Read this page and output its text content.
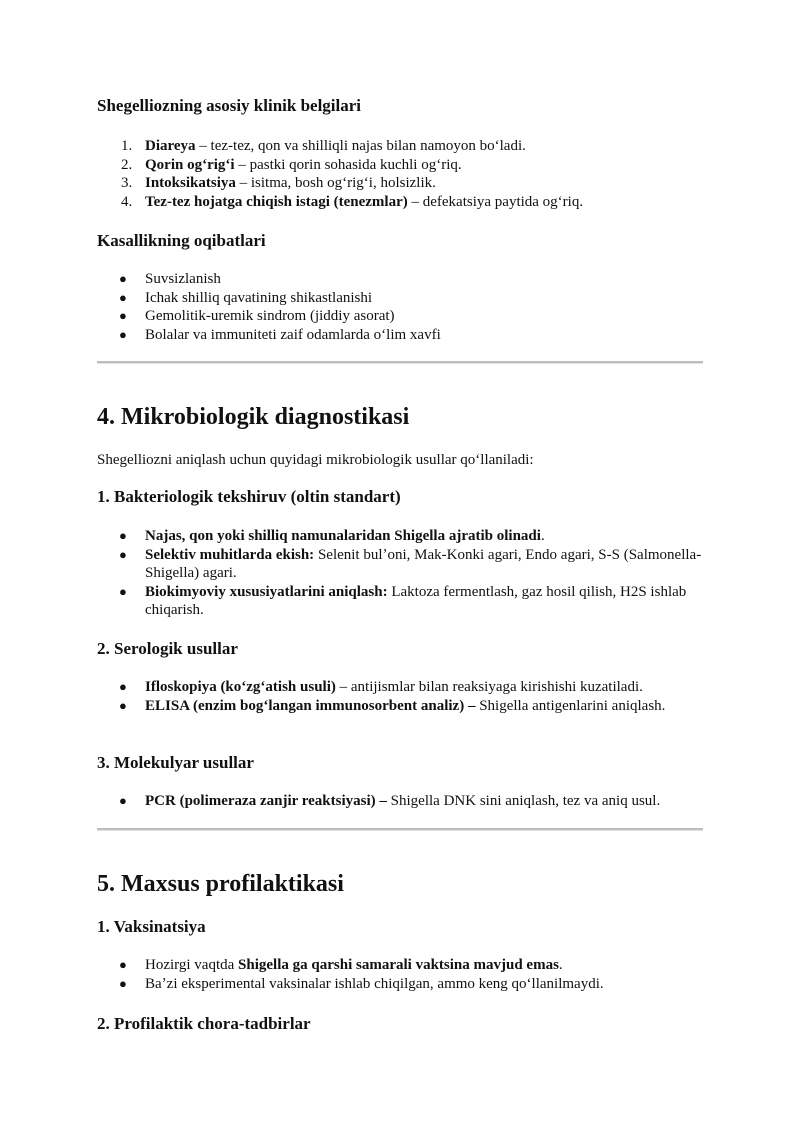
Shegelliozning asosiy klinik belgilari
1. Diareya – tez-tez, qon va shilliqli najas bilan namoyon boʻladi.
2. Qorin ogʻrigʻi – pastki qorin sohasida kuchli ogʻriq.
3. Intoksikatsiya – isitma, bosh ogʻrigʻi, holsizlik.
4. Tez-tez hojatga chiqish istagi (tenezmlar) – defekatsiya paytida ogʻriq.
Kasallikning oqibatlari
● Suvsizlanish
● Ichak shilliq qavatining shikastlanishi
● Gemolitik-uremik sindrom (jiddiy asorat)
● Bolalar va immuniteti zaif odamlarda oʻlim xavfi
4. Mikrobiologik diagnostikasi
Shegelliozni aniqlash uchun quyidagi mikrobiologik usullar qoʻllaniladi:
1. Bakteriologik tekshiruv (oltin standart)
● Najas, qon yoki shilliq namunalaridan Shigella ajratib olinadi.
● Selektiv muhitlarda ekish: Selenit bulʼoni, Mak-Konki agari, Endo agari, S-S (Salmonella-Shigella) agari.
● Biokimyoviy xususiyatlarini aniqlash: Laktoza fermentlash, gaz hosil qilish, H2S ishlab chiqarish.
2. Serologik usullar
● Ifloskopiya (koʻzgʻatish usuli) – antijismlar bilan reaksiyaga kirishishi kuzatiladi.
● ELISA (enzim bogʻlangan immunosorbent analiz) – Shigella antigenlarini aniqlash.
3. Molekulyar usullar
● PCR (polimeraza zanjir reaktsiyasi) – Shigella DNK sini aniqlash, tez va aniq usul.
5. Maxsus profilaktikasi
1. Vaksinatsiya
● Hozirgi vaqtda Shigella ga qarshi samarali vaktsina mavjud emas.
● Baʼzi eksperimental vaksinalar ishlab chiqilgan, ammo keng qoʻllanilmaydi.
2. Profilaktik chora-tadbirlar
